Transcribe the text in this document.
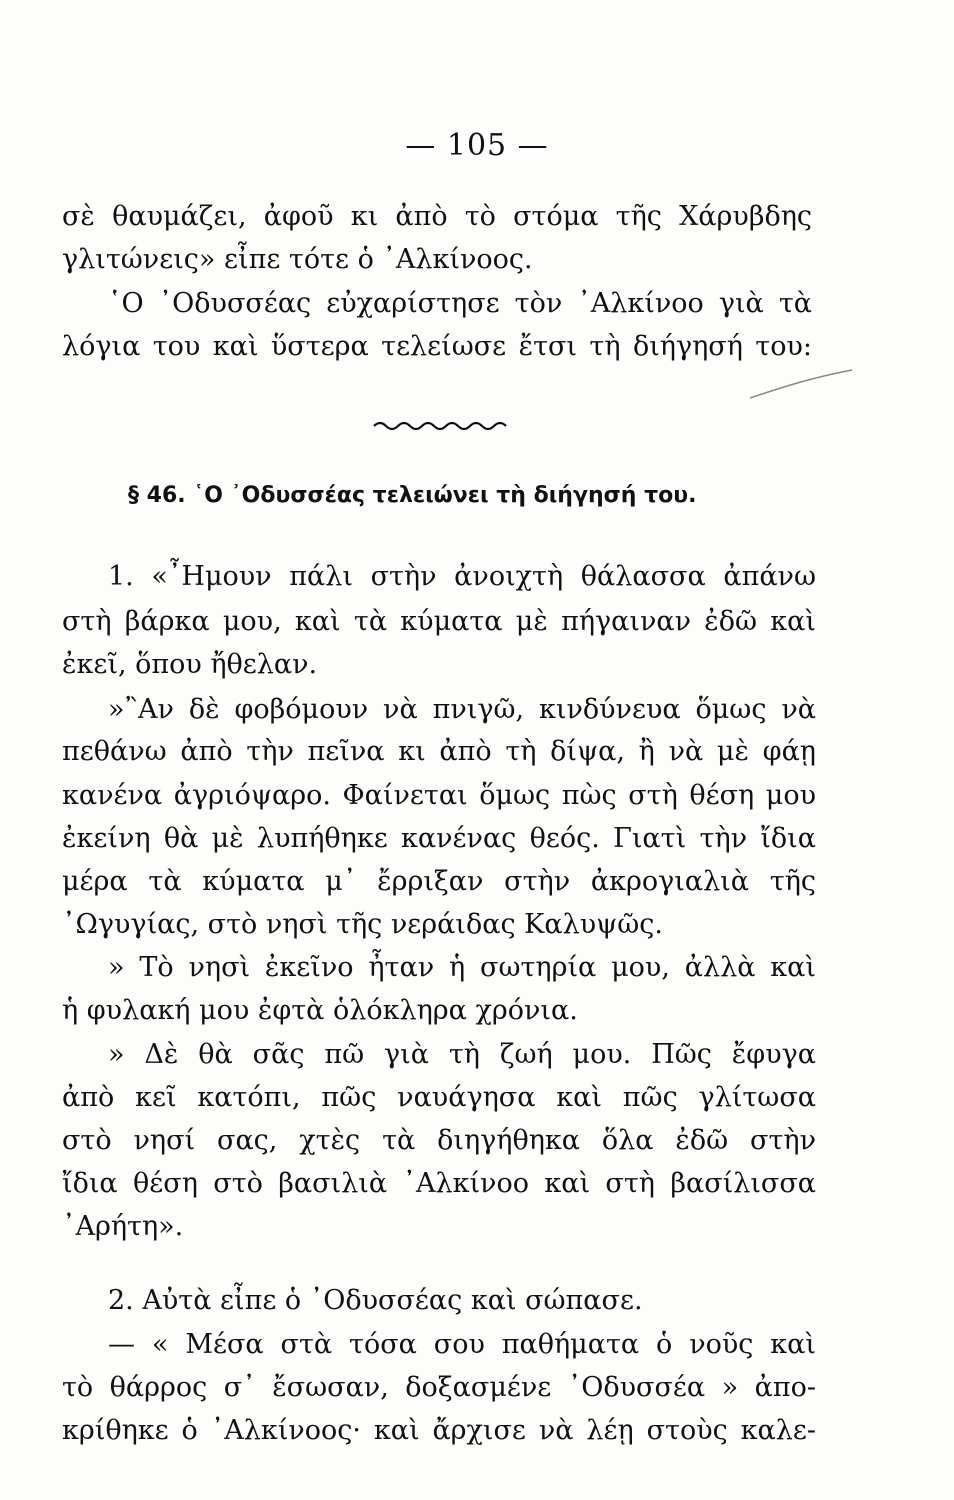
— 105 —
σὲ θαυμάζει, ἀφοῦ κι ἀπὸ τὸ στόμα τῆς Χάρυβδης
γλιτώνεις» εἶπε τότε ὁ ᾿Αλκίνοος.
῾Ο ᾿Οδυσσέας εὐχαρίστησε τὸν ᾿Αλκίνοο γιὰ τὰ
λόγια του καὶ ὕστερα τελείωσε ἔτσι τὴ διήγησή του:
§ 46. ῾Ο ᾿Οδυσσέας τελειώνει τὴ διήγησή του.
1. «῏Ημουν πάλι στὴν ἀνοιχτὴ θάλασσα ἀπάνω
στὴ βάρκα μου, καὶ τὰ κύματα μὲ πήγαιναν ἐδῶ καὶ
ἐκεῖ, ὅπου ἤθελαν.
»῍Αν δὲ φοβόμουν νὰ πνιγῶ, κινδύνευα ὅμως νὰ
πεθάνω ἀπὸ τὴν πεῖνα κι ἀπὸ τὴ δίψα, ἢ νὰ μὲ φάῃ
κανένα ἀγριόψαρο. Φαίνεται ὅμως πὼς στὴ θέση μου
ἐκείνη θὰ μὲ λυπήθηκε κανένας θεός. Γιατὶ τὴν ἴδια
μέρα τὰ κύματα μ᾿ ἔρριξαν στὴν ἀκρογιαλιὰ τῆς
᾿Ωγυγίας, στὸ νησὶ τῆς νεράιδας Καλυψῶς.
» Τὸ νησὶ ἐκεῖνο ἦταν ἡ σωτηρία μου, ἀλλὰ καὶ
ἡ φυλακή μου ἐφτὰ ὁλόκληρα χρόνια.
» Δὲ θὰ σᾶς πῶ γιὰ τὴ ζωή μου. Πῶς ἔφυγα
ἀπὸ κεῖ κατόπι, πῶς ναυάγησα καὶ πῶς γλίτωσα
στὸ νησί σας, χτὲς τὰ διηγήθηκα ὅλα ἐδῶ στὴν
ἴδια θέση στὸ βασιλιὰ ᾿Αλκίνοο καὶ στὴ βασίλισσα
᾿Αρήτη».
2. Αὐτὰ εἶπε ὁ ᾿Οδυσσέας καὶ σώπασε.
— « Μέσα στὰ τόσα σου παθήματα ὁ νοῦς καὶ
τὸ θάρρος σ᾿ ἔσωσαν, δοξασμένε ᾿Οδυσσέα » ἀπο-
κρίθηκε ὁ ᾿Αλκίνοος· καὶ ἄρχισε νὰ λέῃ στοὺς καλε-
